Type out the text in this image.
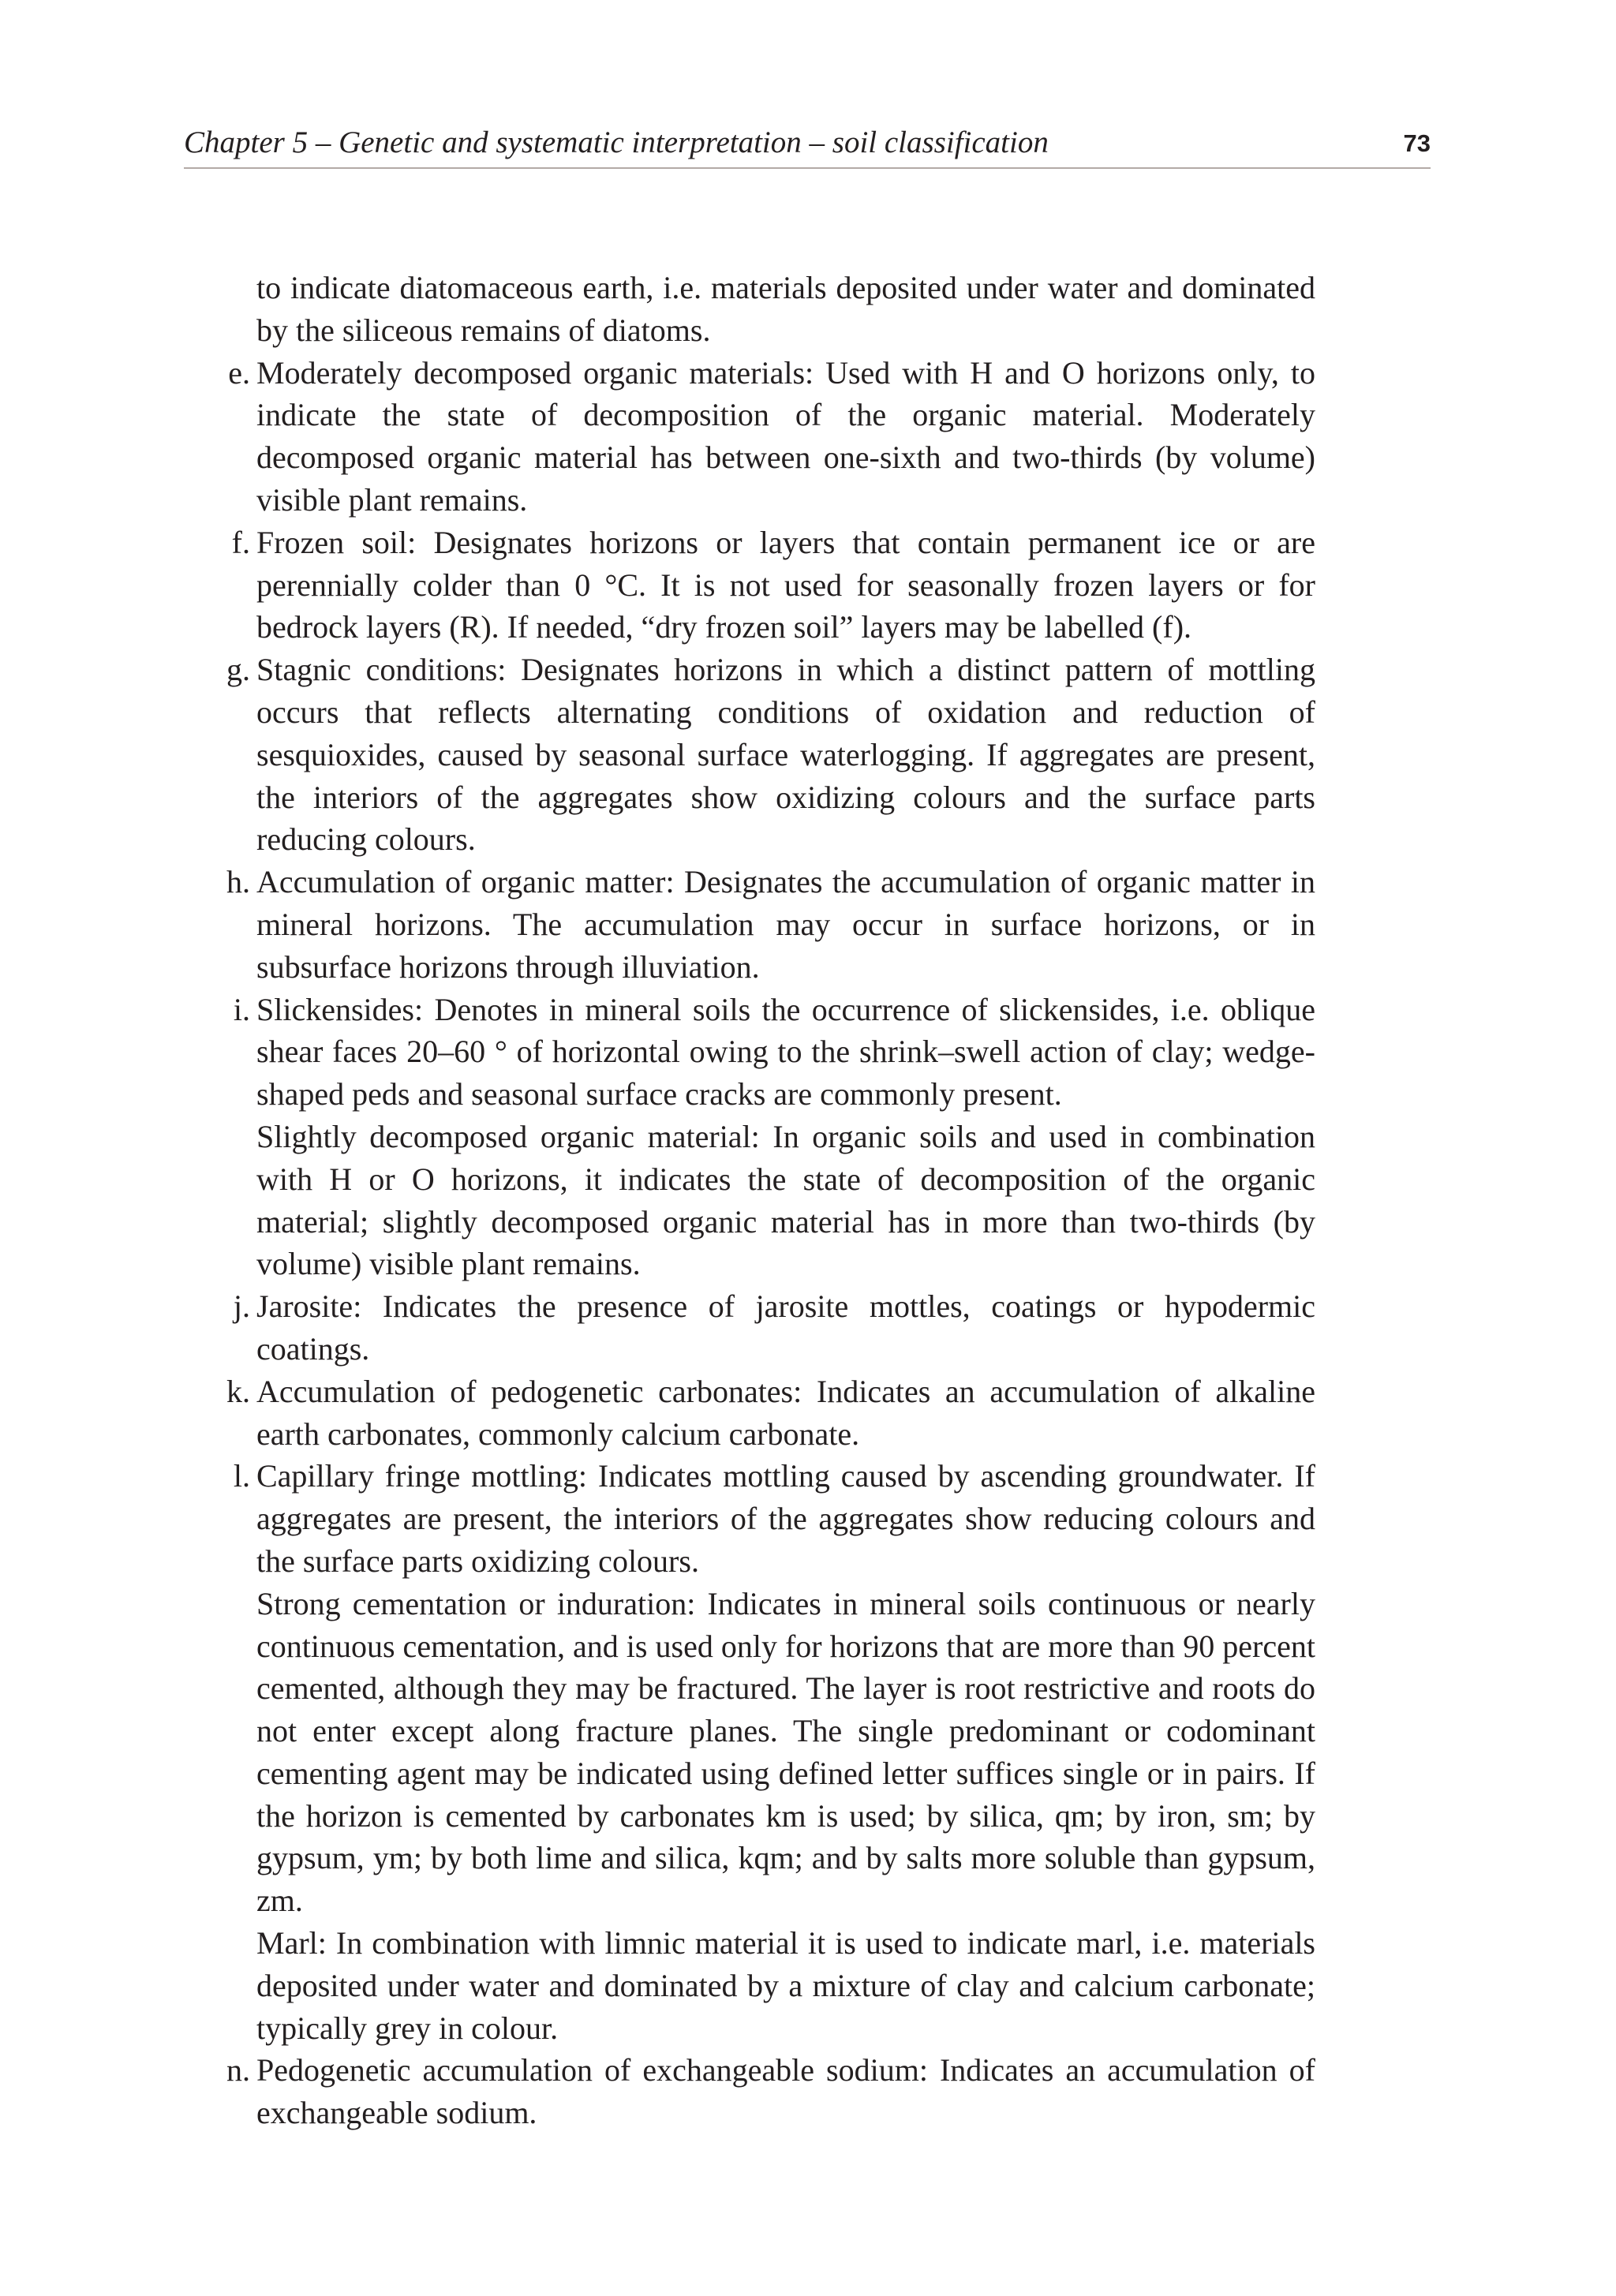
Chapter 5 – Genetic and systematic interpretation – soil classification	73

to indicate diatomaceous earth, i.e. materials deposited under water and dominated by the siliceous remains of diatoms.

e. Moderately decomposed organic materials: Used with H and O horizons only, to indicate the state of decomposition of the organic material. Moderately decomposed organic material has between one-sixth and two-thirds (by volume) visible plant remains.

f. Frozen soil: Designates horizons or layers that contain permanent ice or are perennially colder than 0 °C. It is not used for seasonally frozen layers or for bedrock layers (R). If needed, “dry frozen soil” layers may be labelled (f).

g. Stagnic conditions: Designates horizons in which a distinct pattern of mottling occurs that reflects alternating conditions of oxidation and reduction of sesquioxides, caused by seasonal surface waterlogging. If aggregates are present, the interiors of the aggregates show oxidizing colours and the surface parts reducing colours.

h. Accumulation of organic matter: Designates the accumulation of organic matter in mineral horizons. The accumulation may occur in surface horizons, or in subsurface horizons through illuviation.

i. Slickensides: Denotes in mineral soils the occurrence of slickensides, i.e. oblique shear faces 20–60 ° of horizontal owing to the shrink–swell action of clay; wedge-shaped peds and seasonal surface cracks are commonly present.

Slightly decomposed organic material: In organic soils and used in combination with H or O horizons, it indicates the state of decomposition of the organic material; slightly decomposed organic material has in more than two-thirds (by volume) visible plant remains.

j. Jarosite: Indicates the presence of jarosite mottles, coatings or hypodermic coatings.

k. Accumulation of pedogenetic carbonates: Indicates an accumulation of alkaline earth carbonates, commonly calcium carbonate.

l. Capillary fringe mottling: Indicates mottling caused by ascending groundwater. If aggregates are present, the interiors of the aggregates show reducing colours and the surface parts oxidizing colours.

Strong cementation or induration: Indicates in mineral soils continuous or nearly continuous cementation, and is used only for horizons that are more than 90 percent cemented, although they may be fractured. The layer is root restrictive and roots do not enter except along fracture planes. The single predominant or codominant cementing agent may be indicated using defined letter suffices single or in pairs. If the horizon is cemented by carbonates km is used; by silica, qm; by iron, sm; by gypsum, ym; by both lime and silica, kqm; and by salts more soluble than gypsum, zm.

Marl: In combination with limnic material it is used to indicate marl, i.e. materials deposited under water and dominated by a mixture of clay and calcium carbonate; typically grey in colour.

n. Pedogenetic accumulation of exchangeable sodium: Indicates an accumulation of exchangeable sodium.
